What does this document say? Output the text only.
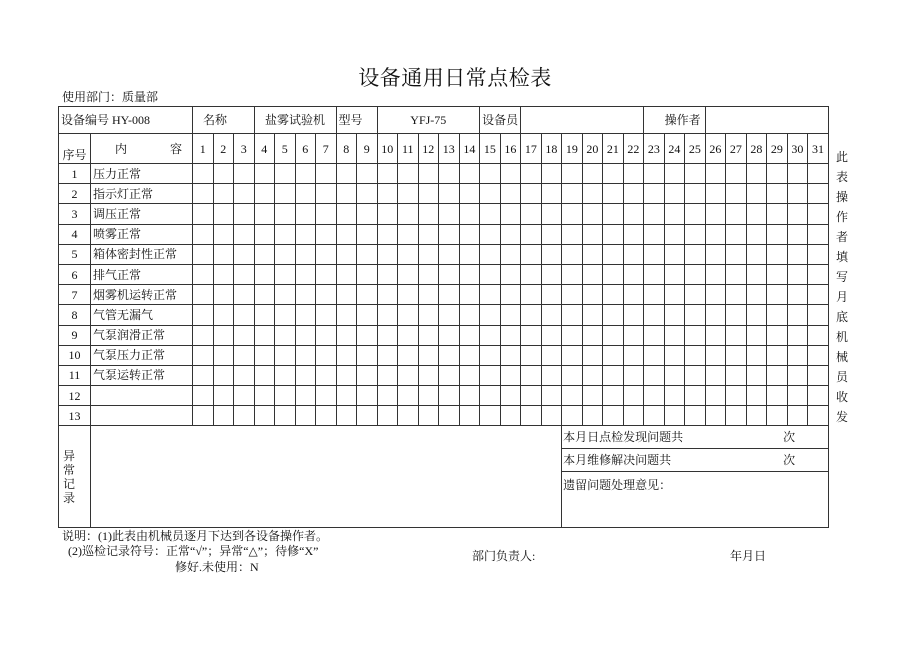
设备通用日常点检表
使用部门：质量部
设备编号 HY-008		名称			盐雾试验机				型号		YFJ-75					设备员								操作者								
序号	内 容	1	2	3	4	5	6	7	8	9	10	11	12	13	14	15	16	17	18	19	20	21	22	23	24	25	26	27	28	29	30	31
1	压力正常																															
2	指示灯正常																															
3	调压正常																															
4	喷雾正常																															
5	箱体密封性正常																															
6	排气正常																															
7	烟雾机运转正常																															
8	气管无漏气																															
9	气泵润滑正常																															
10	气泵压力正常																															
11	气泵运转正常																															
12																																
13																																

异常记录																				本月日点检发现问题共 次												

																				本月维修解决问题共 次												

																				遗留问题处理意见：												
此表操作者填写月底机械员收发
说明：(1)此表由机械员逐月下达到各设备操作者。
(2)巡检记录符号：正常“√”；异常“△”；待修“X”
修好.未使用：N
部门负责人:	年月日
